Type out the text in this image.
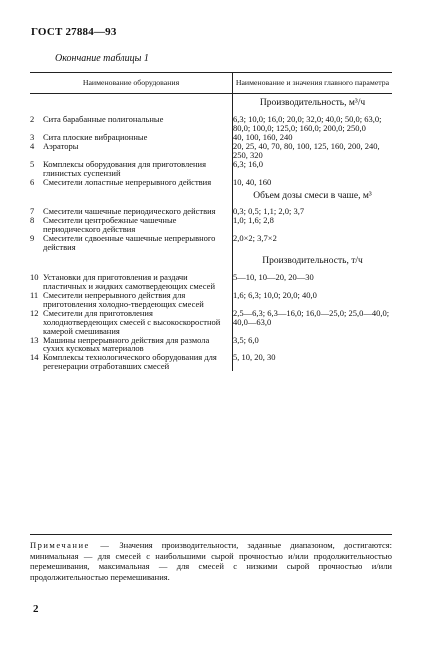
ГОСТ 27884—93
Окончание таблицы 1
Наименование оборудования	Наименование и значения главного параметра
	Производительность, м³/ч
2 Сита барабанные полигональные	6,3; 10,0; 16,0; 20,0; 32,0; 40,0; 50,0; 63,0; 80,0; 100,0; 125,0; 160,0; 200,0; 250,0
3 Сита плоские вибрационные	40, 100, 160, 240
4 Аэраторы	20, 25, 40, 70, 80, 100, 125, 160, 200, 240, 250, 320
5 Комплексы оборудования для приготовления глинистых суспензий	6,3; 16,0
6 Смесители лопастные непрерывного действия	10, 40, 160
	Объем дозы смеси в чаше, м³
7 Смесители чашечные периодического действия	0,3; 0,5; 1,1; 2,0; 3,7
8 Смесители центробежные чашечные периодического действия	1,0; 1,6; 2,8
9 Смесители сдвоенные чашечные непрерывного действия	2,0×2; 3,7×2
	Производительность, т/ч
10 Установки для приготовления и раздачи пластичных и жидких самотвердеющих смесей	5—10, 10—20, 20—30
11 Смесители непрерывного действия для приготовления холодно-твердеющих смесей	1,6; 6,3; 10,0; 20,0; 40,0
12 Смесители для приготовления холоднотвердеющих смесей с высокоскоростной камерой смешивания	2,5—6,3; 6,3—16,0; 16,0—25,0; 25,0—40,0; 40,0—63,0
13 Машины непрерывного действия для размола сухих кусковых материалов	3,5; 6,0
14 Комплексы технологического оборудования для регенерации отработавших смесей	5, 10, 20, 30
Примечание — Значения производительности, заданные диапазоном, достигаются: минимальная — для смесей с наибольшими сырой прочностью и/или продолжительностью перемешивания, максимальная — для смесей с низкими сырой прочностью и/или продолжительностью перемешивания.
2
